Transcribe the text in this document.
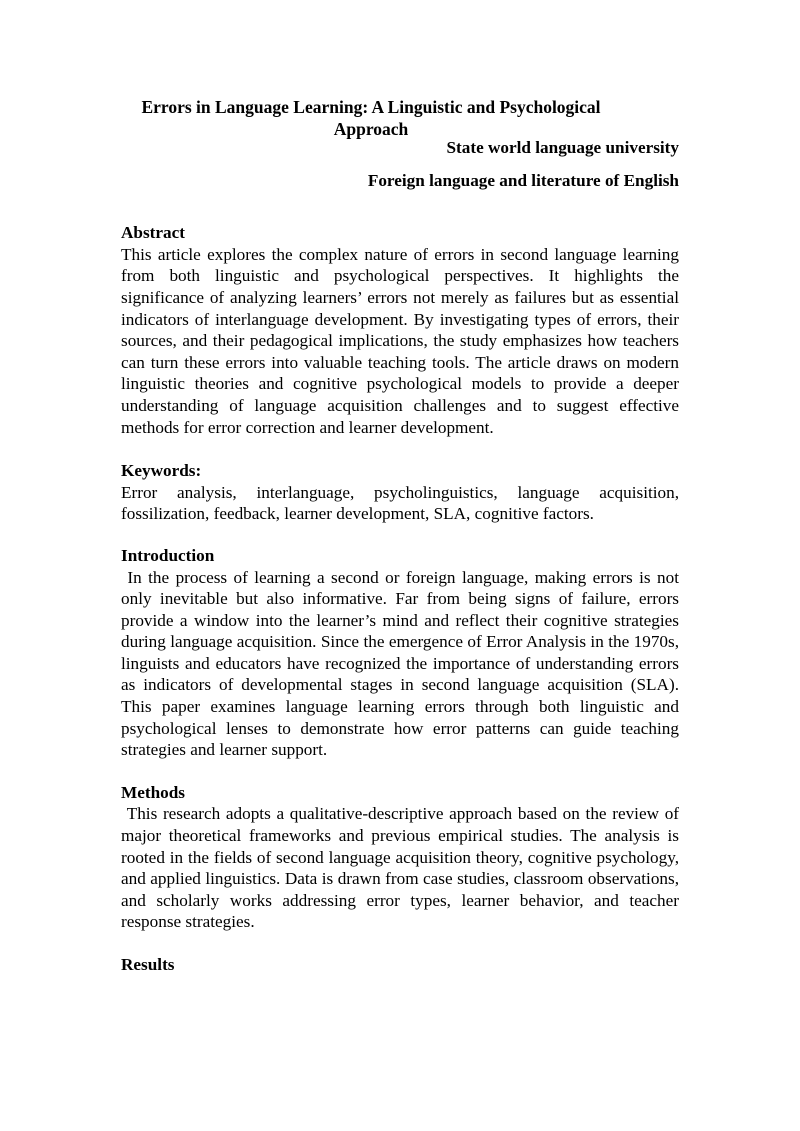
Errors in Language Learning: A Linguistic and Psychological Approach

State world language university

Foreign language and literature of English

Abstract

This article explores the complex nature of errors in second language learning from both linguistic and psychological perspectives. It highlights the significance of analyzing learners’ errors not merely as failures but as essential indicators of interlanguage development. By investigating types of errors, their sources, and their pedagogical implications, the study emphasizes how teachers can turn these errors into valuable teaching tools. The article draws on modern linguistic theories and cognitive psychological models to provide a deeper understanding of language acquisition challenges and to suggest effective methods for error correction and learner development.

Keywords:

Error analysis, interlanguage, psycholinguistics, language acquisition, fossilization, feedback, learner development, SLA, cognitive factors.

Introduction

In the process of learning a second or foreign language, making errors is not only inevitable but also informative. Far from being signs of failure, errors provide a window into the learner’s mind and reflect their cognitive strategies during language acquisition. Since the emergence of Error Analysis in the 1970s, linguists and educators have recognized the importance of understanding errors as indicators of developmental stages in second language acquisition (SLA). This paper examines language learning errors through both linguistic and psychological lenses to demonstrate how error patterns can guide teaching strategies and learner support.

Methods

This research adopts a qualitative-descriptive approach based on the review of major theoretical frameworks and previous empirical studies. The analysis is rooted in the fields of second language acquisition theory, cognitive psychology, and applied linguistics. Data is drawn from case studies, classroom observations, and scholarly works addressing error types, learner behavior, and teacher response strategies.

Results
